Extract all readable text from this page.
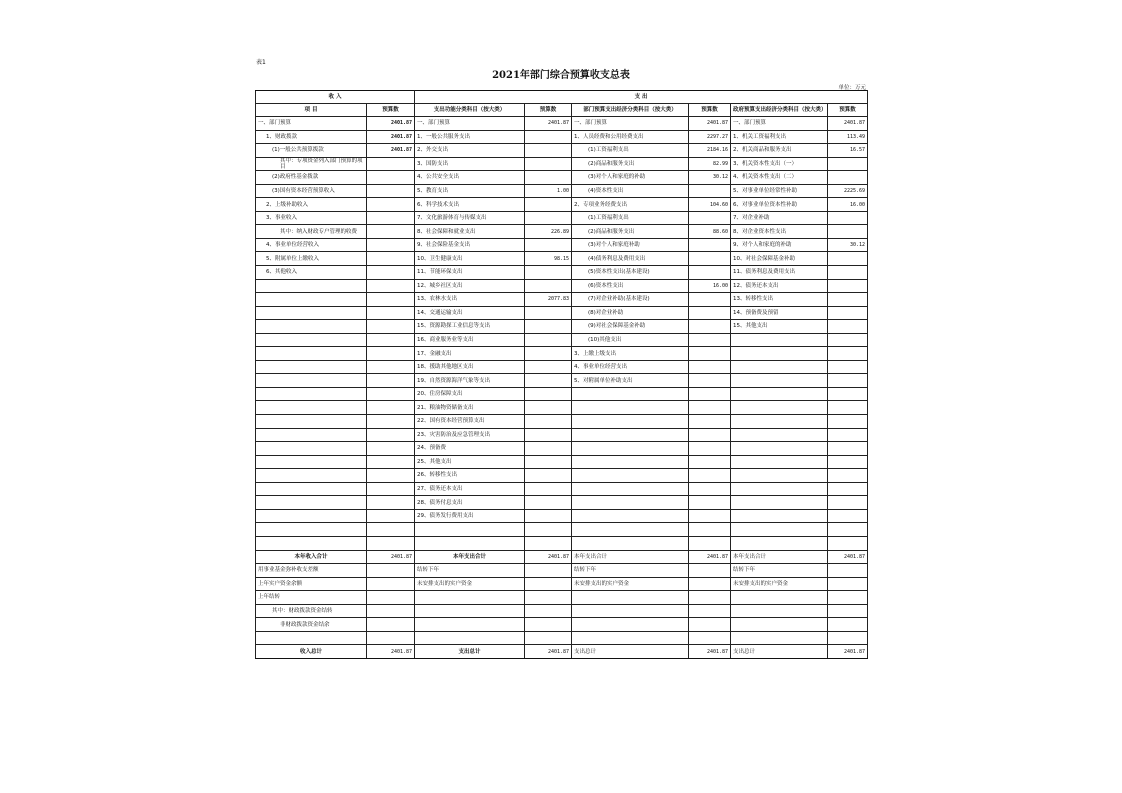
表1
2021年部门综合预算收支总表
单位：万元
收 入		支 出					
项 目	预算数	支出功能分类科目（按大类）	预算数	部门预算支出经济分类科目（按大类）	预算数	政府预算支出经济分类科目（按大类）	预算数
一、部门预算	2401.87	一、部门预算	2401.87	一、部门预算	2401.87	一、部门预算	2401.87
1、财政拨款	2401.87	1、一般公共服务支出		1、人员经费和公用经费支出	2297.27	1、机关工资福利支出	113.49
(1)一般公共预算拨款	2401.87	2、外交支出		(1)工资福利支出	2184.16	2、机关商品和服务支出	16.57
其中：专项资金列入部门预算的项目		3、国防支出		(2)商品和服务支出	82.99	3、机关资本性支出（一）	
(2)政府性基金拨款		4、公共安全支出		(3)对个人和家庭的补助	30.12	4、机关资本性支出（二）	
(3)国有资本经营预算收入		5、教育支出	1.00	(4)资本性支出		5、对事业单位经常性补助	2225.69
2、上级补助收入		6、科学技术支出		2、专项业务经费支出	104.60	6、对事业单位资本性补助	16.00
3、事业收入		7、文化旅游体育与传媒支出		(1)工资福利支出		7、对企业补助	
其中：纳入财政专户管理的收费		8、社会保障和就业支出	226.89	(2)商品和服务支出	88.60	8、对企业资本性支出	
4、事业单位经营收入		9、社会保险基金支出		(3)对个人和家庭补助		9、对个人和家庭的补助	30.12
5、附属单位上缴收入		10、卫生健康支出	98.15	(4)债务利息及费用支出		10、对社会保障基金补助	
6、其他收入		11、节能环保支出		(5)资本性支出(基本建设)		11、债务利息及费用支出	
		12、城乡社区支出		(6)资本性支出	16.00	12、债务还本支出	
		13、农林水支出	2077.83	(7)对企业补助(基本建设)		13、转移性支出	
		14、交通运输支出		(8)对企业补助		14、预备费及预留	
		15、资源勘探工业信息等支出		(9)对社会保障基金补助		15、其他支出	
		16、商业服务业等支出		(10)其他支出			
		17、金融支出		3、上缴上级支出			
		18、援助其他地区支出		4、事业单位经营支出			
		19、自然资源海洋气象等支出		5、对附属单位补助支出			
		20、住房保障支出					
		21、粮油物资储备支出					
		22、国有资本经营预算支出					
		23、灾害防治及应急管理支出					
		24、预备费					
		25、其他支出					
		26、转移性支出					
		27、债务还本支出					
		28、债务付息支出					
		29、债务发行费用支出					

本年收入合计	2401.87	本年支出合计	2401.87	本年支出合计	2401.87	本年支出合计	2401.87
用事业基金弥补收支差额		结转下年		结转下年		结转下年	
上年实户资金余额		未安排支出的实户资金		未安排支出的实户资金		未安排支出的实户资金	
上年结转							
其中：财政拨款资金结转							
非财政拨款资金结余							

收入总计	2401.87	支出总计	2401.87	支出总计	2401.87	支出总计	2401.87
